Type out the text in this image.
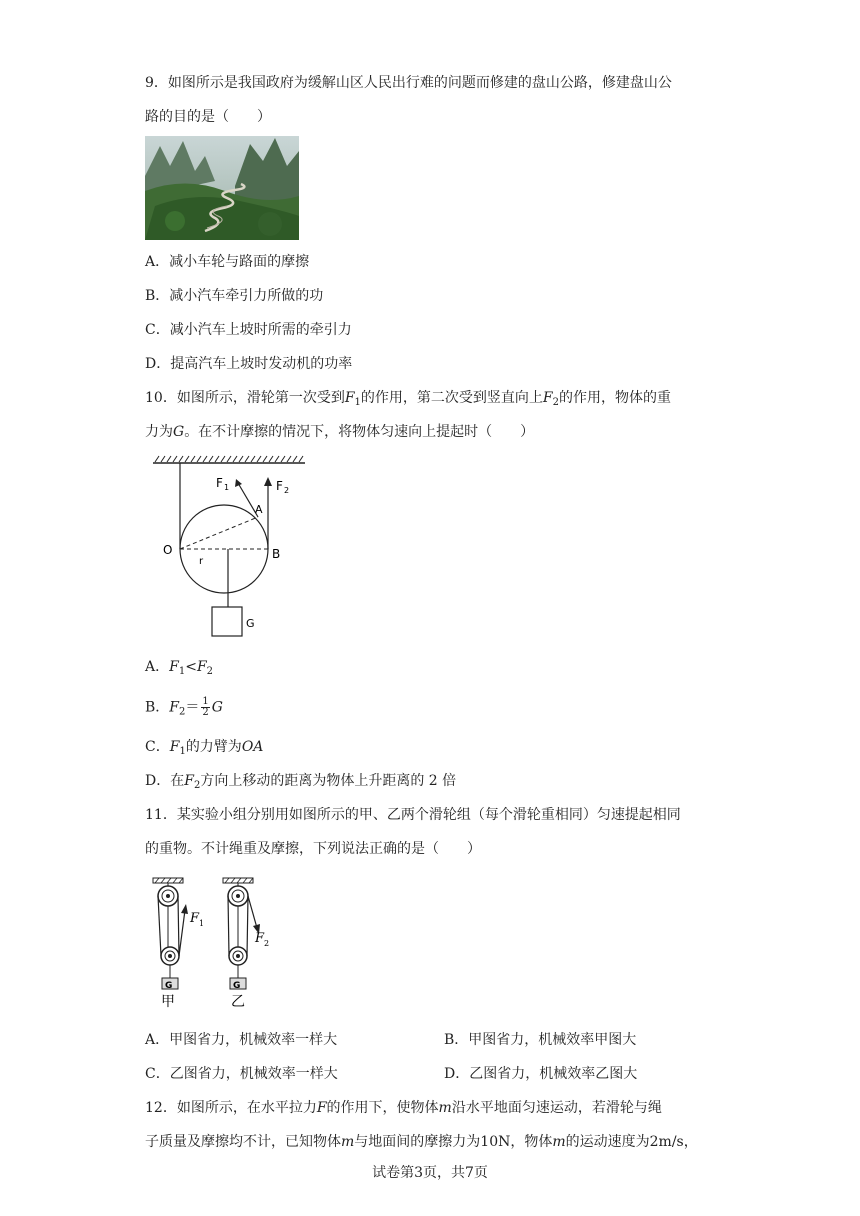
9．如图所示是我国政府为缓解山区人民出行难的问题而修建的盘山公路，修建盘山公
路的目的是（　　）
A．减小车轮与路面的摩擦
B．减小汽车牵引力所做的功
C．减小汽车上坡时所需的牵引力
D．提高汽车上坡时发动机的功率
10．如图所示，滑轮第一次受到$F_1$的作用，第二次受到竖直向上$F_2$的作用，物体的重
力为G。在不计摩擦的情况下，将物体匀速向上提起时（　　）
F 1	F 2
A
O	B
r
G
A．$F_1<F_2$
B．$F_2= \frac{1}{2}$ G
C．$F_1$的力臂为OA
D．在$F_2$方向上移动的距离为物体上升距离的 2 倍
11．某实验小组分别用如图所示的甲、乙两个滑轮组（每个滑轮重相同）匀速提起相同
的重物。不计绳重及摩擦，下列说法正确的是（　　）
F 1
G
甲
F 2
G
乙
A．甲图省力，机械效率一样大	B．甲图省力，机械效率甲图大
C．乙图省力，机械效率一样大	D．乙图省力，机械效率乙图大
12．如图所示，在水平拉力F的作用下，使物体m沿水平地面匀速运动，若滑轮与绳
子质量及摩擦均不计，已知物体m与地面间的摩擦力为10N，物体m的运动速度为2m/s，
试卷第3页，共7页
